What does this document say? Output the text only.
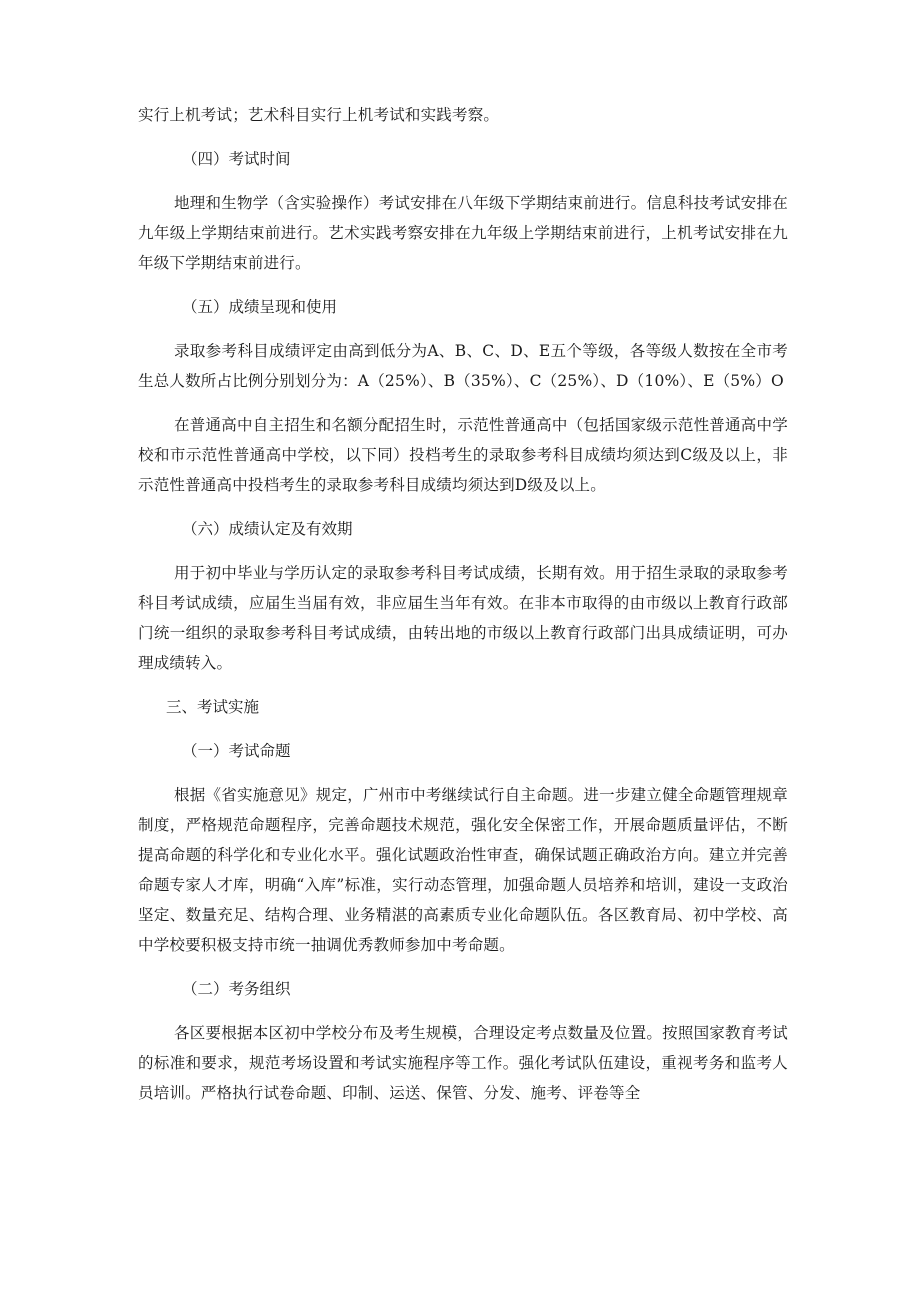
实行上机考试；艺术科目实行上机考试和实践考察。

（四）考试时间

地理和生物学（含实验操作）考试安排在八年级下学期结束前进行。信息科技考试安排在九年级上学期结束前进行。艺术实践考察安排在九年级上学期结束前进行，上机考试安排在九年级下学期结束前进行。

（五）成绩呈现和使用

录取参考科目成绩评定由高到低分为A、B、C、D、E五个等级，各等级人数按在全市考生总人数所占比例分别划分为：A（25%）、B（35%）、C（25%）、D（10%）、E（5%）O

在普通高中自主招生和名额分配招生时，示范性普通高中（包括国家级示范性普通高中学校和市示范性普通高中学校，以下同）投档考生的录取参考科目成绩均须达到C级及以上，非示范性普通高中投档考生的录取参考科目成绩均须达到D级及以上。

（六）成绩认定及有效期

用于初中毕业与学历认定的录取参考科目考试成绩，长期有效。用于招生录取的录取参考科目考试成绩，应届生当届有效，非应届生当年有效。在非本市取得的由市级以上教育行政部门统一组织的录取参考科目考试成绩，由转出地的市级以上教育行政部门出具成绩证明，可办理成绩转入。

三、考试实施

（一）考试命题

根据《省实施意见》规定，广州市中考继续试行自主命题。进一步建立健全命题管理规章制度，严格规范命题程序，完善命题技术规范，强化安全保密工作，开展命题质量评估，不断提高命题的科学化和专业化水平。强化试题政治性审查，确保试题正确政治方向。建立并完善命题专家人才库，明确“入库”标准，实行动态管理，加强命题人员培养和培训，建设一支政治坚定、数量充足、结构合理、业务精湛的高素质专业化命题队伍。各区教育局、初中学校、高中学校要积极支持市统一抽调优秀教师参加中考命题。

（二）考务组织

各区要根据本区初中学校分布及考生规模，合理设定考点数量及位置。按照国家教育考试的标准和要求，规范考场设置和考试实施程序等工作。强化考试队伍建设，重视考务和监考人员培训。严格执行试卷命题、印制、运送、保管、分发、施考、评卷等全
